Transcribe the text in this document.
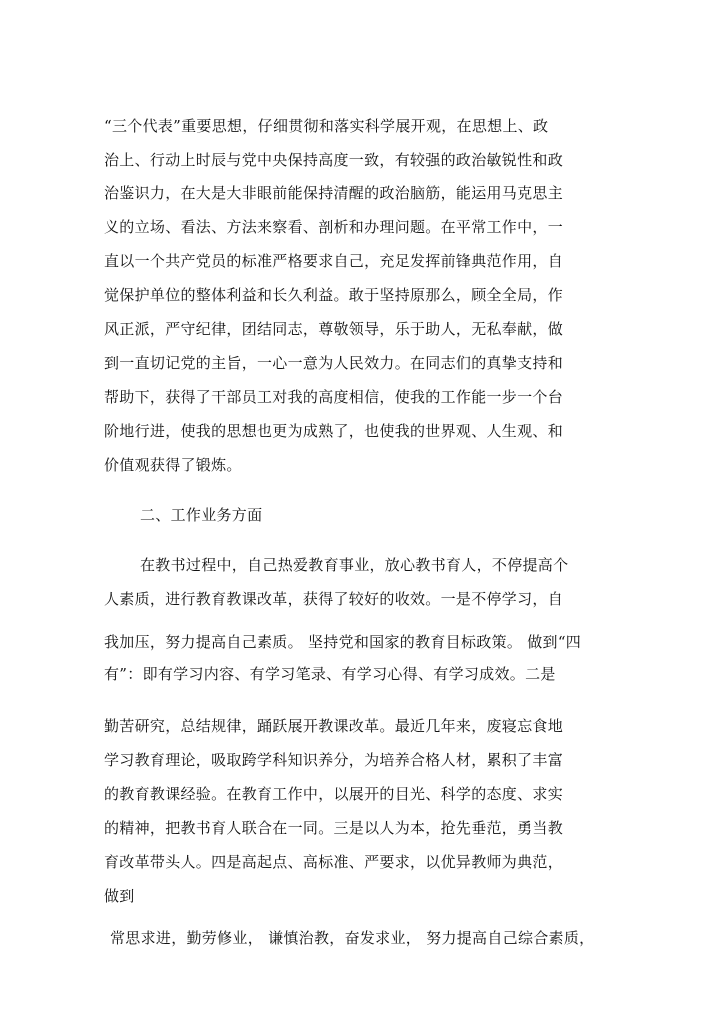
“三个代表”重要思想，仔细贯彻和落实科学展开观，在思想上、政
治上、行动上时辰与党中央保持高度一致，有较强的政治敏锐性和政
治鉴识力，在大是大非眼前能保持清醒的政治脑筋，能运用马克思主
义的立场、看法、方法来察看、剖析和办理问题。在平常工作中，一
直以一个共产党员的标准严格要求自己，充足发挥前锋典范作用，自
觉保护单位的整体利益和长久利益。敢于坚持原那么，顾全全局，作
风正派，严守纪律，团结同志，尊敬领导，乐于助人，无私奉献，做
到一直切记党的主旨，一心一意为人民效力。在同志们的真挚支持和
帮助下，获得了干部员工对我的高度相信，使我的工作能一步一个台
阶地行进，使我的思想也更为成熟了，也使我的世界观、人生观、和
价值观获得了锻炼。
二、工作业务方面
在教书过程中，自己热爱教育事业，放心教书育人，不停提高个
人素质，进行教育教课改革，获得了较好的收效。一是不停学习，自
我加压，努力提高自己素质。 坚持党和国家的教育目标政策。 做到“四
有”：即有学习内容、有学习笔录、有学习心得、有学习成效。二是
勤苦研究，总结规律，踊跃展开教课改革。最近几年来，废寝忘食地
学习教育理论，吸取跨学科知识养分，为培养合格人材，累积了丰富
的教育教课经验。在教育工作中，以展开的目光、科学的态度、求实
的精神，把教书育人联合在一同。三是以人为本，抢先垂范，勇当教
育改革带头人。四是高起点、高标准、严要求，以优异教师为典范，
做到
常思求进，勤劳修业， 谦慎治教，奋发求业， 努力提高自己综合素质，
